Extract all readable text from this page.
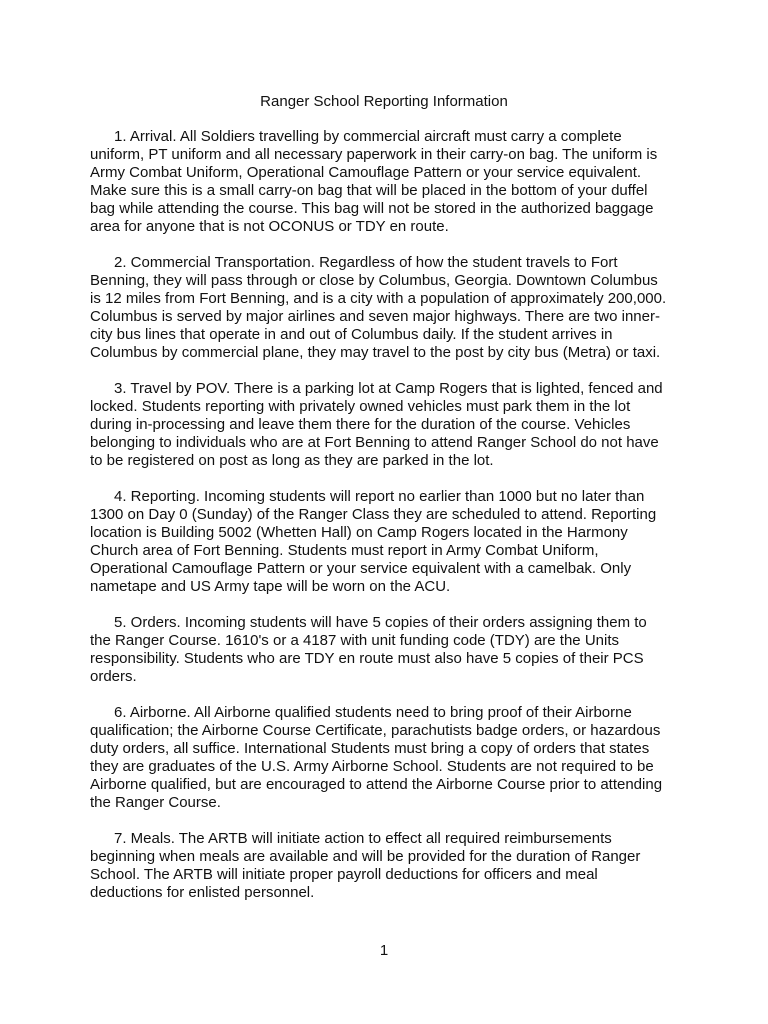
Ranger School Reporting Information
1. Arrival. All Soldiers travelling by commercial aircraft must carry a complete
uniform, PT uniform and all necessary paperwork in their carry-on bag. The uniform is
Army Combat Uniform, Operational Camouflage Pattern or your service equivalent.
Make sure this is a small carry-on bag that will be placed in the bottom of your duffel
bag while attending the course. This bag will not be stored in the authorized baggage
area for anyone that is not OCONUS or TDY en route.
2. Commercial Transportation. Regardless of how the student travels to Fort
Benning, they will pass through or close by Columbus, Georgia. Downtown Columbus
is 12 miles from Fort Benning, and is a city with a population of approximately 200,000.
Columbus is served by major airlines and seven major highways. There are two inner-
city bus lines that operate in and out of Columbus daily. If the student arrives in
Columbus by commercial plane, they may travel to the post by city bus (Metra) or taxi.
3. Travel by POV. There is a parking lot at Camp Rogers that is lighted, fenced and
locked. Students reporting with privately owned vehicles must park them in the lot
during in-processing and leave them there for the duration of the course. Vehicles
belonging to individuals who are at Fort Benning to attend Ranger School do not have
to be registered on post as long as they are parked in the lot.
4. Reporting. Incoming students will report no earlier than 1000 but no later than
1300 on Day 0 (Sunday) of the Ranger Class they are scheduled to attend. Reporting
location is Building 5002 (Whetten Hall) on Camp Rogers located in the Harmony
Church area of Fort Benning. Students must report in Army Combat Uniform,
Operational Camouflage Pattern or your service equivalent with a camelbak. Only
nametape and US Army tape will be worn on the ACU.
5. Orders. Incoming students will have 5 copies of their orders assigning them to
the Ranger Course. 1610's or a 4187 with unit funding code (TDY) are the Units
responsibility. Students who are TDY en route must also have 5 copies of their PCS
orders.
6. Airborne. All Airborne qualified students need to bring proof of their Airborne
qualification; the Airborne Course Certificate, parachutists badge orders, or hazardous
duty orders, all suffice. International Students must bring a copy of orders that states
they are graduates of the U.S. Army Airborne School. Students are not required to be
Airborne qualified, but are encouraged to attend the Airborne Course prior to attending
the Ranger Course.
7. Meals. The ARTB will initiate action to effect all required reimbursements
beginning when meals are available and will be provided for the duration of Ranger
School. The ARTB will initiate proper payroll deductions for officers and meal
deductions for enlisted personnel.
1
